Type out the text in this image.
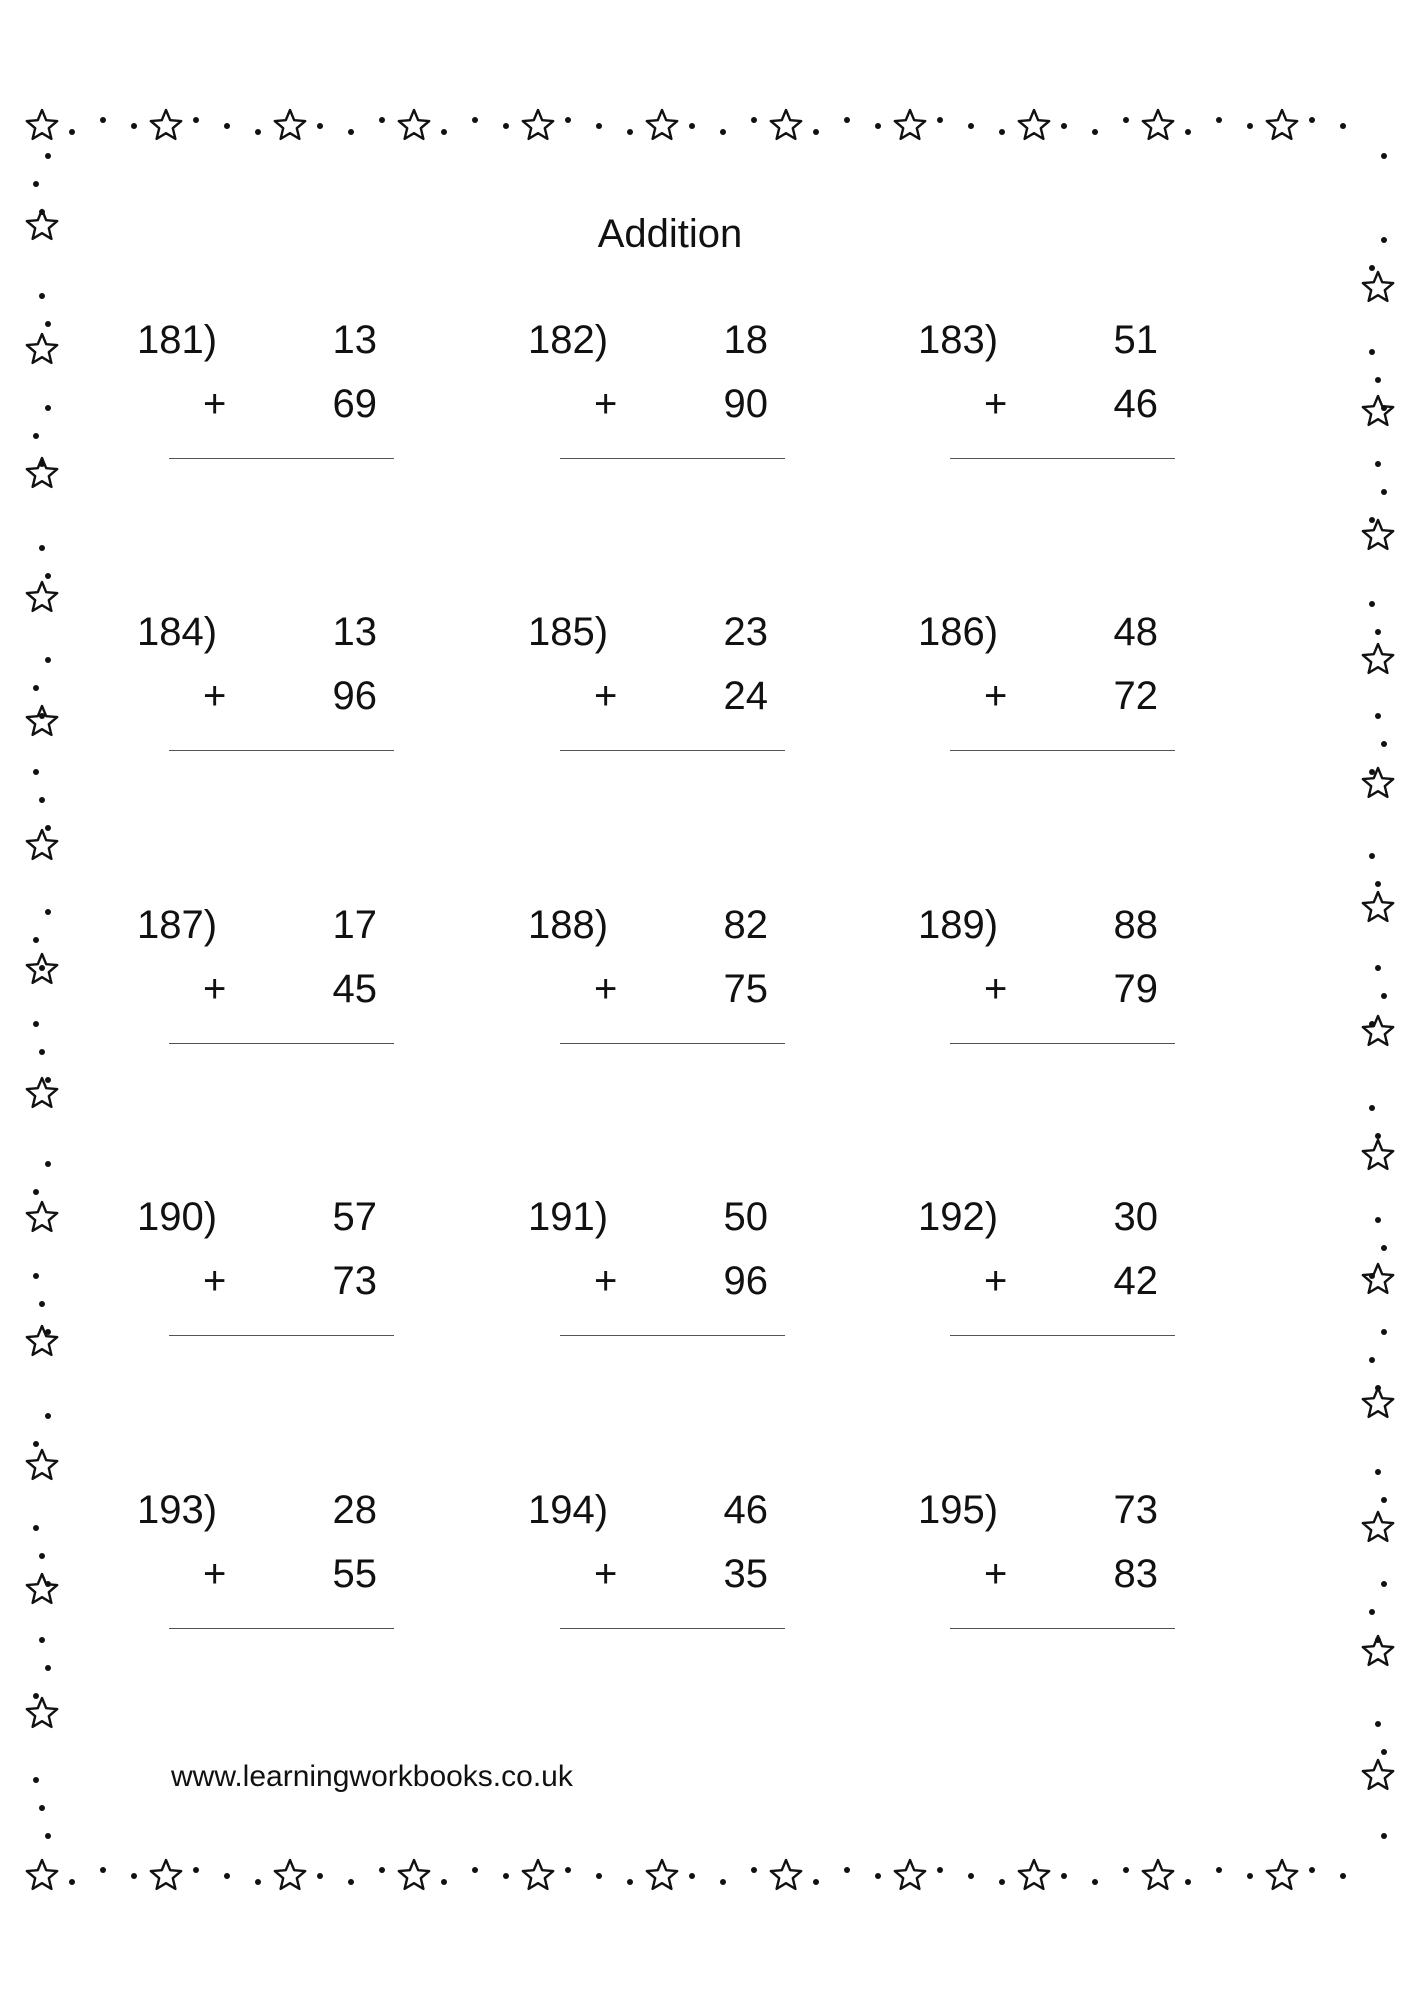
Addition
181)	13
+	69
182)	18
+	90
183)	51
+	46
184)	13
+	96
185)	23
+	24
186)	48
+	72
187)	17
+	45
188)	82
+	75
189)	88
+	79
190)	57
+	73
191)	50
+	96
192)	30
+	42
193)	28
+	55
194)	46
+	35
195)	73
+	83
www.learningworkbooks.co.uk
